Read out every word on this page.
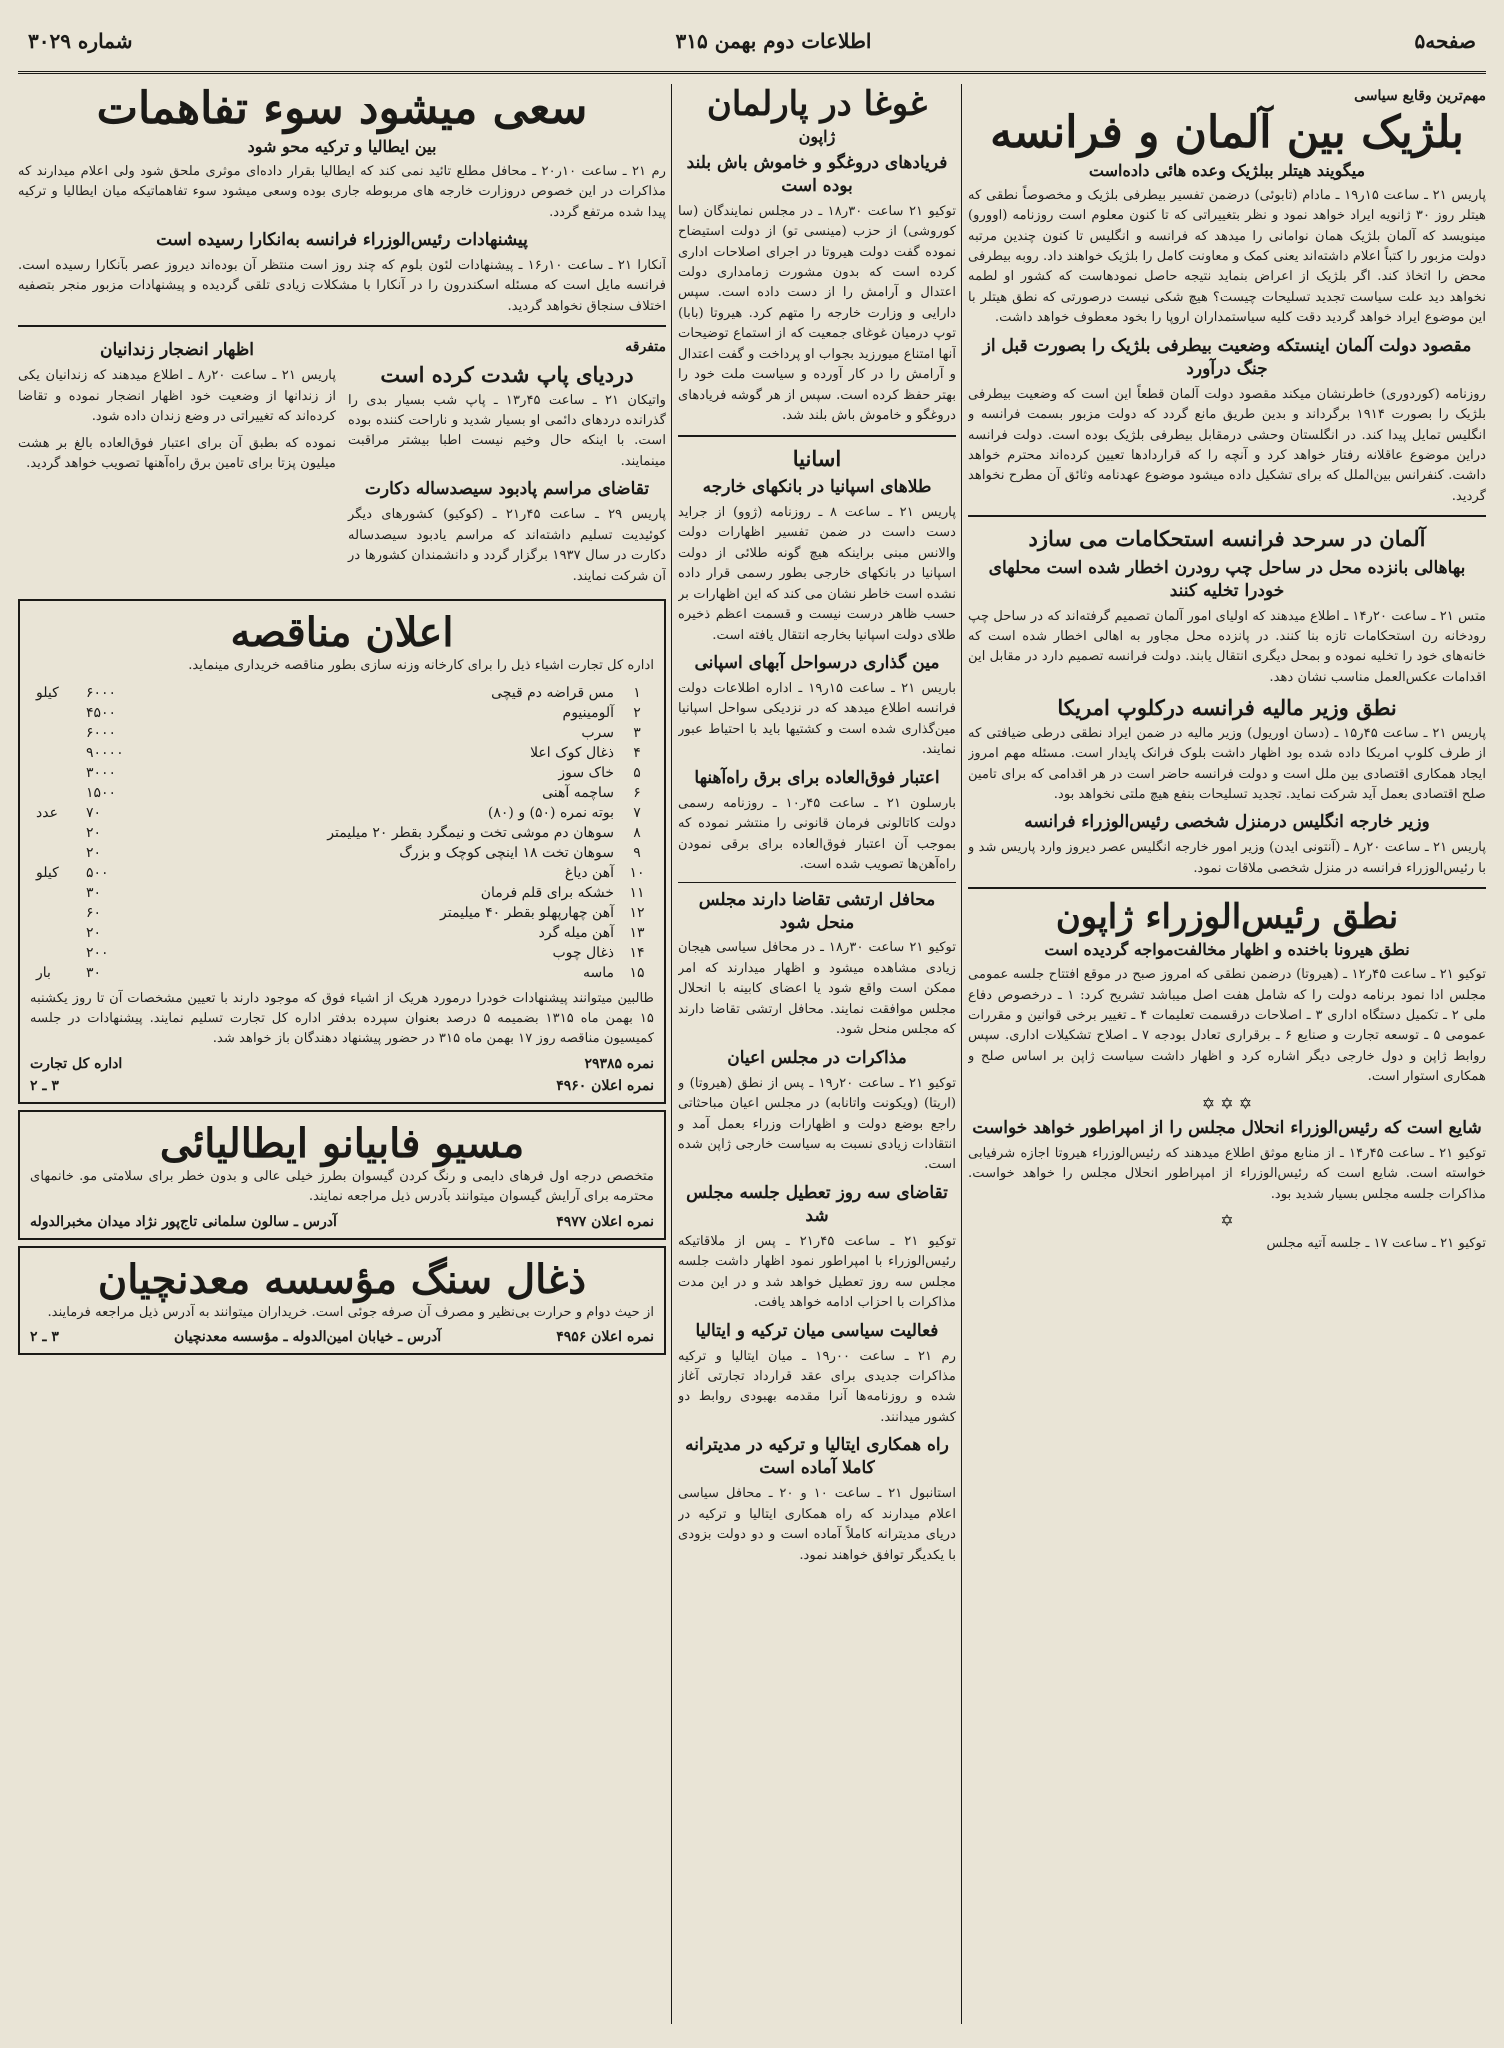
صفحه۵
اطلاعات دوم بهمن ۳۱۵
شماره ۳۰۲۹
مهم‌ترین وقایع سیاسی
بلژیک بین آلمان و فرانسه
میگویند هیتلر ببلژیک وعده هائی داده‌است

پاریس ۲۱ ـ ساعت ۱۵ر۱۹ ـ مادام (تابوئی) درضمن تفسیر بیطرفی بلژیک و مخصوصاً نطقی که هیتلر روز ۳۰ ژانویه ایراد خواهد نمود و نظر بتغییراتی که تا کنون معلوم است روزنامه (اوورو) مینویسد که آلمان بلژیک همان نوامانی را میدهد که فرانسه و انگلیس تا کنون چندین مرتبه دولت مزبور را کتباً اعلام داشته‌اند یعنی کمک و معاونت کامل را بلژیک خواهند داد. روبه بیطرفی محض را اتخاذ کند. اگر بلژیک از اعراض بنماید نتیجه حاصل نمودهاست که کشور او لطمه نخواهد دید علت سیاست تجدید تسلیحات چیست؟ هیچ شکی نیست درصورتی که نطق هیتلر با این موضوع ایراد خواهد گردید دقت کلیه سیاستمداران اروپا را بخود معطوف خواهد داشت.

مقصود دولت آلمان اینستکه وضعیت بیطرفی بلژیک را بصورت قبل از جنگ درآورد

روزنامه (کوردوری) خاطرنشان میکند مقصود دولت آلمان قطعاً این است که وضعیت بیطرفی بلژیک را بصورت ۱۹۱۴ برگرداند و بدین طریق مانع گردد که دولت مزبور بسمت فرانسه و انگلیس تمایل پیدا کند. در انگلستان وحشی درمقابل بیطرفی بلژیک بوده است. دولت فرانسه دراین موضوع عاقلانه رفتار خواهد کرد و آنچه را که قراردادها تعیین کرده‌اند محترم خواهد داشت. کنفرانس بین‌الملل که برای تشکیل داده میشود موضوع عهدنامه وثائق آن مطرح نخواهد گردید.

آلمان در سرحد فرانسه استحکامات می سازد
بهاهالی بانزده محل در ساحل چپ رودرن اخطار شده است محلهای خودرا تخلیه کنند

متس ۲۱ ـ ساعت ۲۰ر۱۴ ـ اطلاع میدهند که اولیای امور آلمان تصمیم گرفته‌اند که در ساحل چپ رودخانه رن استحکامات تازه بنا کنند. در پانزده محل مجاور به اهالی اخطار شده است که خانه‌های خود را تخلیه نموده و بمحل دیگری انتقال یابند. دولت فرانسه تصمیم دارد در مقابل این اقدامات عکس‌العمل مناسب نشان دهد.

نطق وزیر مالیه فرانسه درکلوپ امریکا

پاریس ۲۱ ـ ساعت ۴۵ر۱۵ ـ (دسان اوریول) وزیر مالیه در ضمن ایراد نطقی درطی ضیافتی که از طرف کلوپ امریکا داده شده بود اظهار داشت بلوک فرانک پایدار است. مسئله مهم امروز ایجاد همکاری اقتصادی بین ملل است و دولت فرانسه حاضر است در هر اقدامی که برای تامین صلح اقتصادی بعمل آید شرکت نماید. تجدید تسلیحات بنفع هیچ ملتی نخواهد بود.

وزیر خارجه انگلیس درمنزل شخصی رئیس‌الوزراء فرانسه

پاریس ۲۱ ـ ساعت ۲۰ر۸ ـ (آنتونی ایدن) وزیر امور خارجه انگلیس عصر دیروز وارد پاریس شد و با رئیس‌الوزراء فرانسه در منزل شخصی ملاقات نمود.

نطق رئیس‌الوزراء ژاپون
نطق هیرونا باخنده و اظهار مخالفت‌مواجه گردیده است

توکیو ۲۱ ـ ساعت ۴۵ر۱۲ ـ (هیروتا) درضمن نطقی که امروز صبح در موقع افتتاح جلسه عمومی مجلس ادا نمود برنامه دولت را که شامل هفت اصل میباشد تشریح کرد: ۱ ـ درخصوص دفاع ملی ۲ ـ تکمیل دستگاه اداری ۳ ـ اصلاحات درقسمت تعلیمات ۴ ـ تغییر برخی قوانین و مقررات عمومی ۵ ـ توسعه تجارت و صنایع ۶ ـ برقراری تعادل بودجه ۷ ـ اصلاح تشکیلات اداری. سپس روابط ژاپن و دول خارجی دیگر اشاره کرد و اظهار داشت سیاست ژاپن بر اساس صلح و همکاری استوار است.

✡ ✡ ✡
شایع است که رئیس‌الوزراء انحلال مجلس را از امپراطور خواهد خواست

توکیو ۲۱ ـ ساعت ۴۵ر۱۴ ـ از منابع موثق اطلاع میدهند که رئیس‌الوزراء هیروتا اجازه شرفیابی خواسته است. شایع است که رئیس‌الوزراء از امپراطور انحلال مجلس را خواهد خواست. مذاکرات جلسه مجلس بسیار شدید بود.

✡

توکیو ۲۱ ـ ساعت ۱۷ ـ جلسه آتیه مجلس

غوغا در پارلمان
ژاپون
فریادهای دروغگو و خاموش باش بلند بوده است

توکیو ۲۱ ساعت ۳۰ر۱۸ ـ در مجلس نمایندگان (سا کوروشی) از حزب (مینسی تو) از دولت استیضاح نموده گفت دولت هیروتا در اجرای اصلاحات اداری کرده است که بدون مشورت زمامداری دولت اعتدال و آرامش را از دست داده است. سپس دارایی و وزارت خارجه را متهم کرد. هیروتا (بابا) توپ درمیان غوغای جمعیت که از استماع توضیحات آنها امتناع میورزید بجواب او پرداخت و گفت اعتدال و آرامش را در کار آورده و سیاست ملت خود را بهتر حفظ کرده است. سپس از هر گوشه فریادهای دروغگو و خاموش باش بلند شد.

اسانیا
طلاهای اسپانیا در بانکهای خارجه

پاریس ۲۱ ـ ساعت ۸ ـ روزنامه (ژوو) از جراید دست داست در ضمن تفسیر اظهارات دولت والانس مبنی براینکه هیچ گونه طلائی از دولت اسپانیا در بانکهای خارجی بطور رسمی قرار داده نشده است خاطر نشان می کند که این اظهارات بر حسب ظاهر درست نیست و قسمت اعظم ذخیره طلای دولت اسپانیا بخارجه انتقال یافته است.

مین گذاری درسواحل آبهای اسپانی

باریس ۲۱ ـ ساعت ۱۵ر۱۹ ـ اداره اطلاعات دولت فرانسه اطلاع میدهد که در نزدیکی سواحل اسپانیا مین‌گذاری شده است و کشتیها باید با احتیاط عبور نمایند.

اعتبار فوق‌العاده برای برق راه‌آهنها

بارسلون ۲۱ ـ ساعت ۴۵ر۱۰ ـ روزنامه رسمی دولت کاتالونی فرمان قانونی را منتشر نموده که بموجب آن اعتبار فوق‌العاده برای برقی نمودن راه‌آهن‌ها تصویب شده است.

محافل ارتشی تقاضا دارند مجلس منحل شود

توکیو ۲۱ ساعت ۳۰ر۱۸ ـ در محافل سیاسی هیجان زیادی مشاهده میشود و اظهار میدارند که امر ممکن است واقع شود یا اعضای کابینه با انحلال مجلس موافقت نمایند. محافل ارتشی تقاضا دارند که مجلس منحل شود.

مذاکرات در مجلس اعیان

توکیو ۲۱ ـ ساعت ۲۰ر۱۹ ـ پس از نطق (هیروتا) و (اریتا) (ویکونت واتانابه) در مجلس اعیان مباحثاتی راجع بوضع دولت و اظهارات وزراء بعمل آمد و انتقادات زیادی نسبت به سیاست خارجی ژاپن شده است.

تقاضای سه روز تعطیل جلسه مجلس شد

توکیو ۲۱ ـ ساعت ۴۵ر۲۱ ـ پس از ملاقاتیکه رئیس‌الوزراء با امپراطور نمود اظهار داشت جلسه مجلس سه روز تعطیل خواهد شد و در این مدت مذاکرات با احزاب ادامه خواهد یافت.

فعالیت سیاسی میان ترکیه و ایتالیا

رم ۲۱ ـ ساعت ۰۰ر۱۹ ـ میان ایتالیا و ترکیه مذاکرات جدیدی برای عقد قرارداد تجارتی آغاز شده و روزنامه‌ها آنرا مقدمه بهبودی روابط دو کشور میدانند.

راه همکاری ایتالیا و ترکیه در مدیترانه کاملا آماده است

استانبول ۲۱ ـ ساعت ۱۰ و ۲۰ ـ محافل سیاسی اعلام میدارند که راه همکاری ایتالیا و ترکیه در دریای مدیترانه کاملاً آماده است و دو دولت بزودی با یکدیگر توافق خواهند نمود.

سعی میشود سوء تفاهمات
بین ایطالیا و ترکیه محو شود

رم ۲۱ ـ ساعت ۱۰ر۲۰ ـ محافل مطلع تائید نمی کند که ایطالیا بقرار داده‌ای موثری ملحق شود ولی اعلام میدارند که مذاکرات در این خصوص دروزارت خارجه های مربوطه جاری بوده وسعی میشود سوء تفاهماتیکه میان ایطالیا و ترکیه پیدا شده مرتفع گردد.

پیشنهادات رئیس‌الوزراء فرانسه به‌انکارا رسیده است

آنکارا ۲۱ ـ ساعت ۱۰ر۱۶ ـ پیشنهادات لئون بلوم که چند روز است منتظر آن بوده‌اند دیروز عصر بآنکارا رسیده است. فرانسه مایل است که مسئله اسکندرون را در آنکارا با مشکلات زیادی تلقی گردیده و پیشنهادات مزبور منجر بتصفیه اختلاف سنجاق نخواهد گردید.

متفرقه
دردیای پاپ شدت کرده است

واتیکان ۲۱ ـ ساعت ۴۵ر۱۳ ـ پاپ شب بسیار بدی را گذرانده دردهای دائمی او بسیار شدید و ناراحت کننده بوده است. با اینکه حال وخیم نیست اطبا بیشتر مراقبت مینمایند.

تقاضای مراسم پادبود سیصدساله دکارت

پاریس ۲۹ ـ ساعت ۴۵ر۲۱ ـ (کوکیو) کشورهای دیگر کوئیدیت تسلیم داشته‌اند که مراسم یادبود سیصدساله دکارت در سال ۱۹۳۷ برگزار گردد و دانشمندان کشورها در آن شرکت نمایند.

اظهار انضجار زندانیان

پاریس ۲۱ ـ ساعت ۲۰ر۸ ـ اطلاع میدهند که زندانیان یکی از زندانها از وضعیت خود اظهار انضجار نموده و تقاضا کرده‌اند که تغییراتی در وضع زندان داده شود.

نموده که بطبق آن برای اعتبار فوق‌العاده بالغ بر هشت میلیون پزتا برای تامین برق راه‌آهنها تصویب خواهد گردید.

اعلان مناقصه

اداره کل تجارت اشیاء ذیل را برای کارخانه وزنه سازی بطور مناقصه خریداری مینماید.

۱	مس قراضه دم قیچی	۶۰۰۰	کیلو
۲	آلومینیوم	۴۵۰۰	
۳	سرب	۶۰۰۰	
۴	ذغال کوک اعلا	۹۰۰۰۰	
۵	خاک سوز	۳۰۰۰	
۶	ساچمه آهنی	۱۵۰۰	
۷	بوته نمره (۵۰) و (۸۰)	۷۰	عدد
۸	سوهان دم موشی تخت و نیمگرد بقطر ۲۰ میلیمتر	۲۰	
۹	سوهان تخت ۱۸ اینچی کوچک و بزرگ	۲۰	
۱۰	آهن دیاغ	۵۰۰	کیلو
۱۱	خشکه برای قلم فرمان	۳۰	
۱۲	آهن چهارپهلو بقطر ۴۰ میلیمتر	۶۰	
۱۳	آهن میله گرد	۲۰	
۱۴	ذغال چوب	۲۰۰	
۱۵	ماسه	۳۰	بار

طالبین میتوانند پیشنهادات خودرا درمورد هریک از اشیاء فوق که موجود دارند با تعیین مشخصات آن تا روز یکشنبه ۱۵ بهمن ماه ۱۳۱۵ بضمیمه ۵ درصد بعنوان سپرده بدفتر اداره کل تجارت تسلیم نمایند. پیشنهادات در جلسه کمیسیون مناقصه روز ۱۷ بهمن ماه ۳۱۵ در حضور پیشنهاد دهندگان باز خواهد شد.

نمره ۲۹۳۸۵
اداره کل تجارت
نمره اعلان ۴۹۶۰
۳ ـ ۲
مسیو فابیانو ایطالیائی

متخصص درجه اول فرهای دایمی و رنگ کردن گیسوان بطرز خیلی عالی و بدون خطر برای سلامتی مو. خانمهای محترمه برای آرایش گیسوان میتوانند بآدرس ذیل مراجعه نمایند.

نمره اعلان ۴۹۷۷
آدرس ـ سالون سلمانی تاج‌پور نژاد میدان مخبرالدوله
ذغال سنگ مؤسسه معدنچیان

از حیث دوام و حرارت بی‌نظیر و مصرف آن صرفه جوئی است. خریداران میتوانند به آدرس ذیل مراجعه فرمایند.

نمره اعلان ۴۹۵۶
آدرس ـ خیابان امین‌الدوله ـ مؤسسه معدنچیان
۳ ـ ۲
